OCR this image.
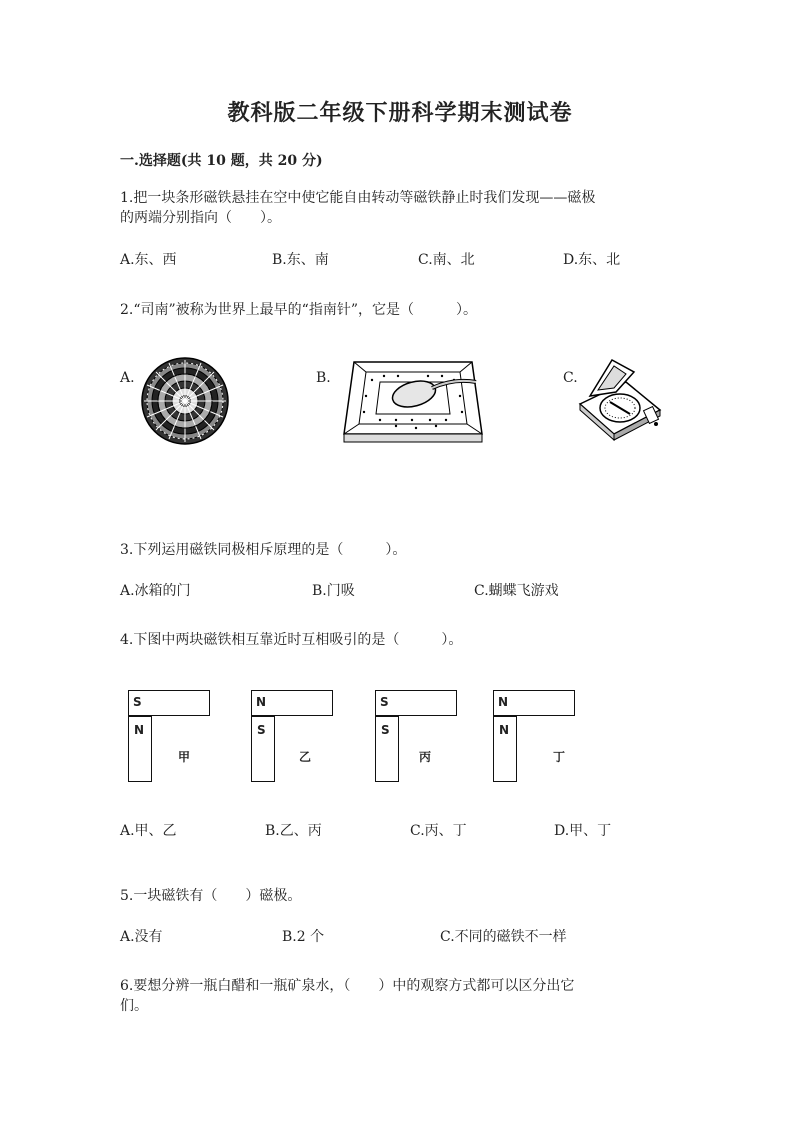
教科版二年级下册科学期末测试卷
一.选择题(共 10 题，共 20 分)
1.把一块条形磁铁悬挂在空中使它能自由转动等磁铁静止时我们发现——磁极
的两端分别指向（　　）。
A.东、西	B.东、南	C.南、北	D.东、北
2.“司南”被称为世界上最早的“指南针”，它是（　　　）。
A.	B.	C.
3.下列运用磁铁同极相斥原理的是（　　　）。
A.冰箱的门	B.门吸	C.蝴蝶飞游戏
4.下图中两块磁铁相互靠近时互相吸引的是（　　　）。
S
N
甲
N
S
乙
S
S
丙
N
N
丁
A.甲、乙	B.乙、丙	C.丙、丁	D.甲、丁
5.一块磁铁有（　　）磁极。
A.没有	B.2 个	C.不同的磁铁不一样
6.要想分辨一瓶白醋和一瓶矿泉水，（　　）中的观察方式都可以区分出它
们。
